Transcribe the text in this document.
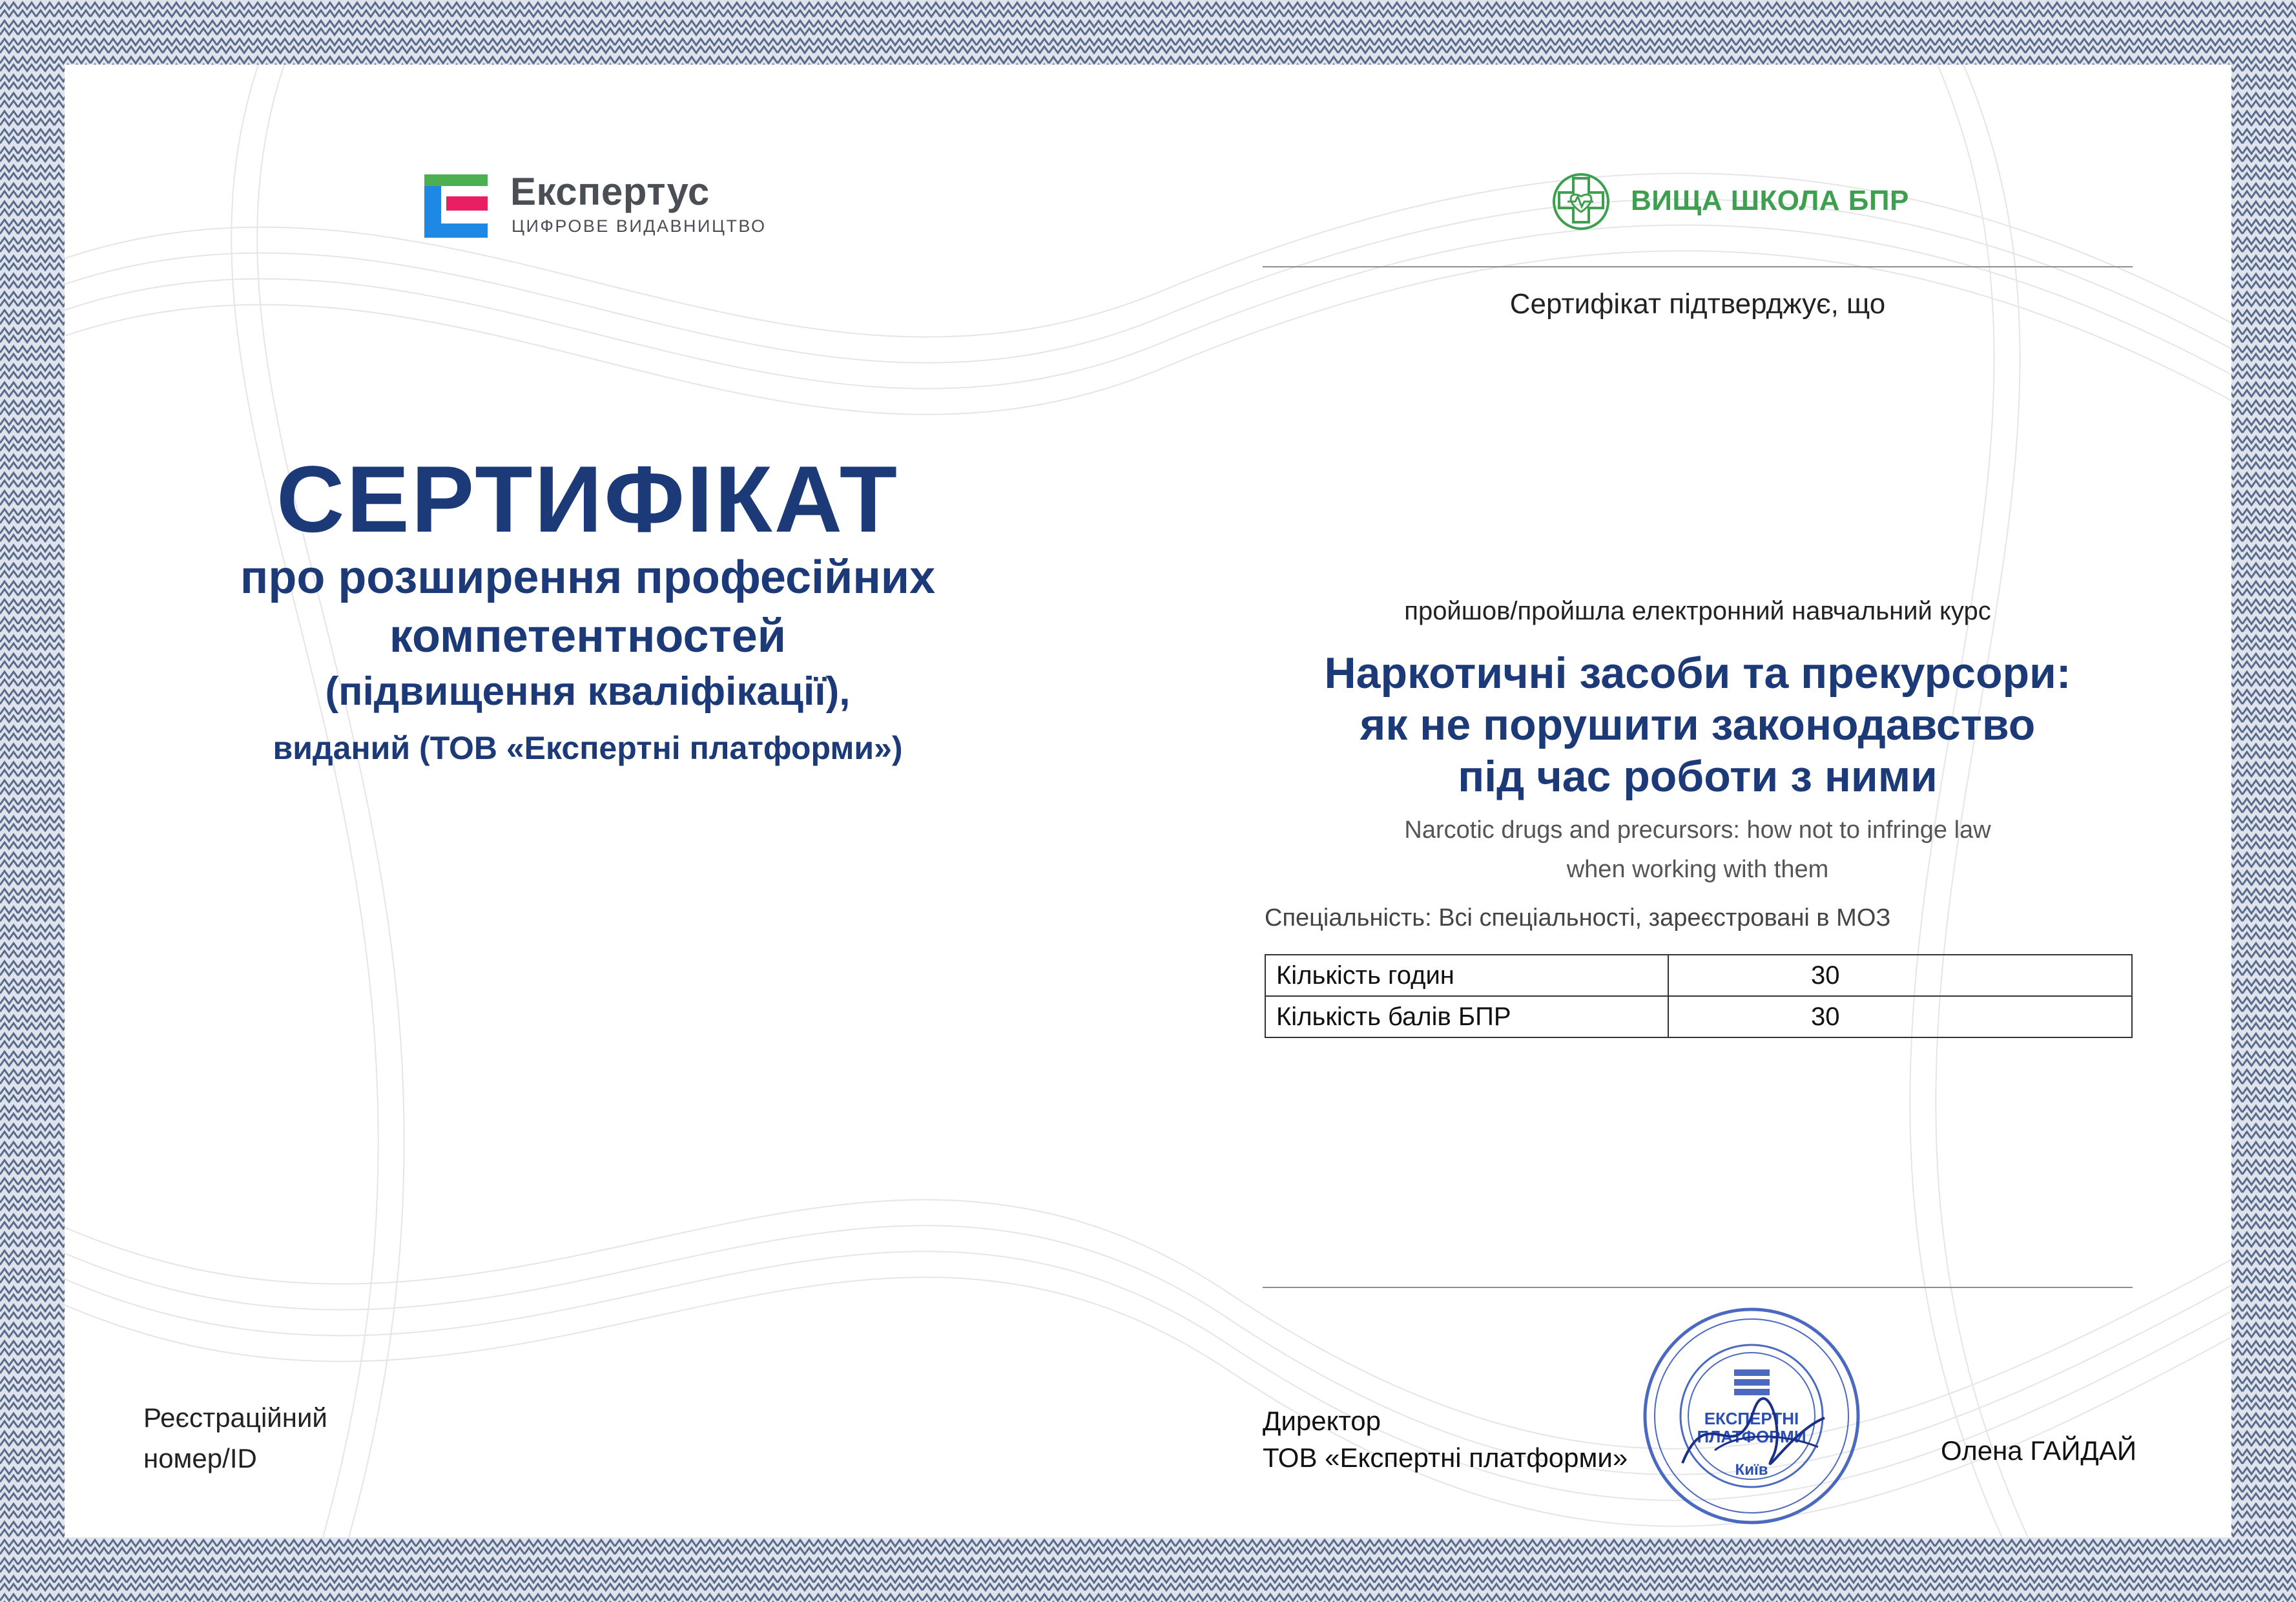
Експертус
ЦИФРОВЕ ВИДАВНИЦТВО
ВИЩА ШКОЛА БПР
СЕРТИФІКАТ
про розширення професійних
компетентностей
(підвищення кваліфікації),
виданий (ТОВ «Експертні платформи»)
Реєстраційний
номер/ID
Сертифікат підтверджує, що
пройшов/пройшла електронний навчальний курс
Наркотичні засоби та прекурсори:
як не порушити законодавство
під час роботи з ними
Narcotic drugs and precursors: how not to infringe law
when working with them
Спеціальність: Всі спеціальності, зареєстровані в МОЗ
Кількість годин	30
Кількість балів БПР	30
Директор
ТОВ «Експертні платформи»
ЕКСПЕРТНІ
ПЛАТФОРМИ
Київ
Олена ГАЙДАЙ
